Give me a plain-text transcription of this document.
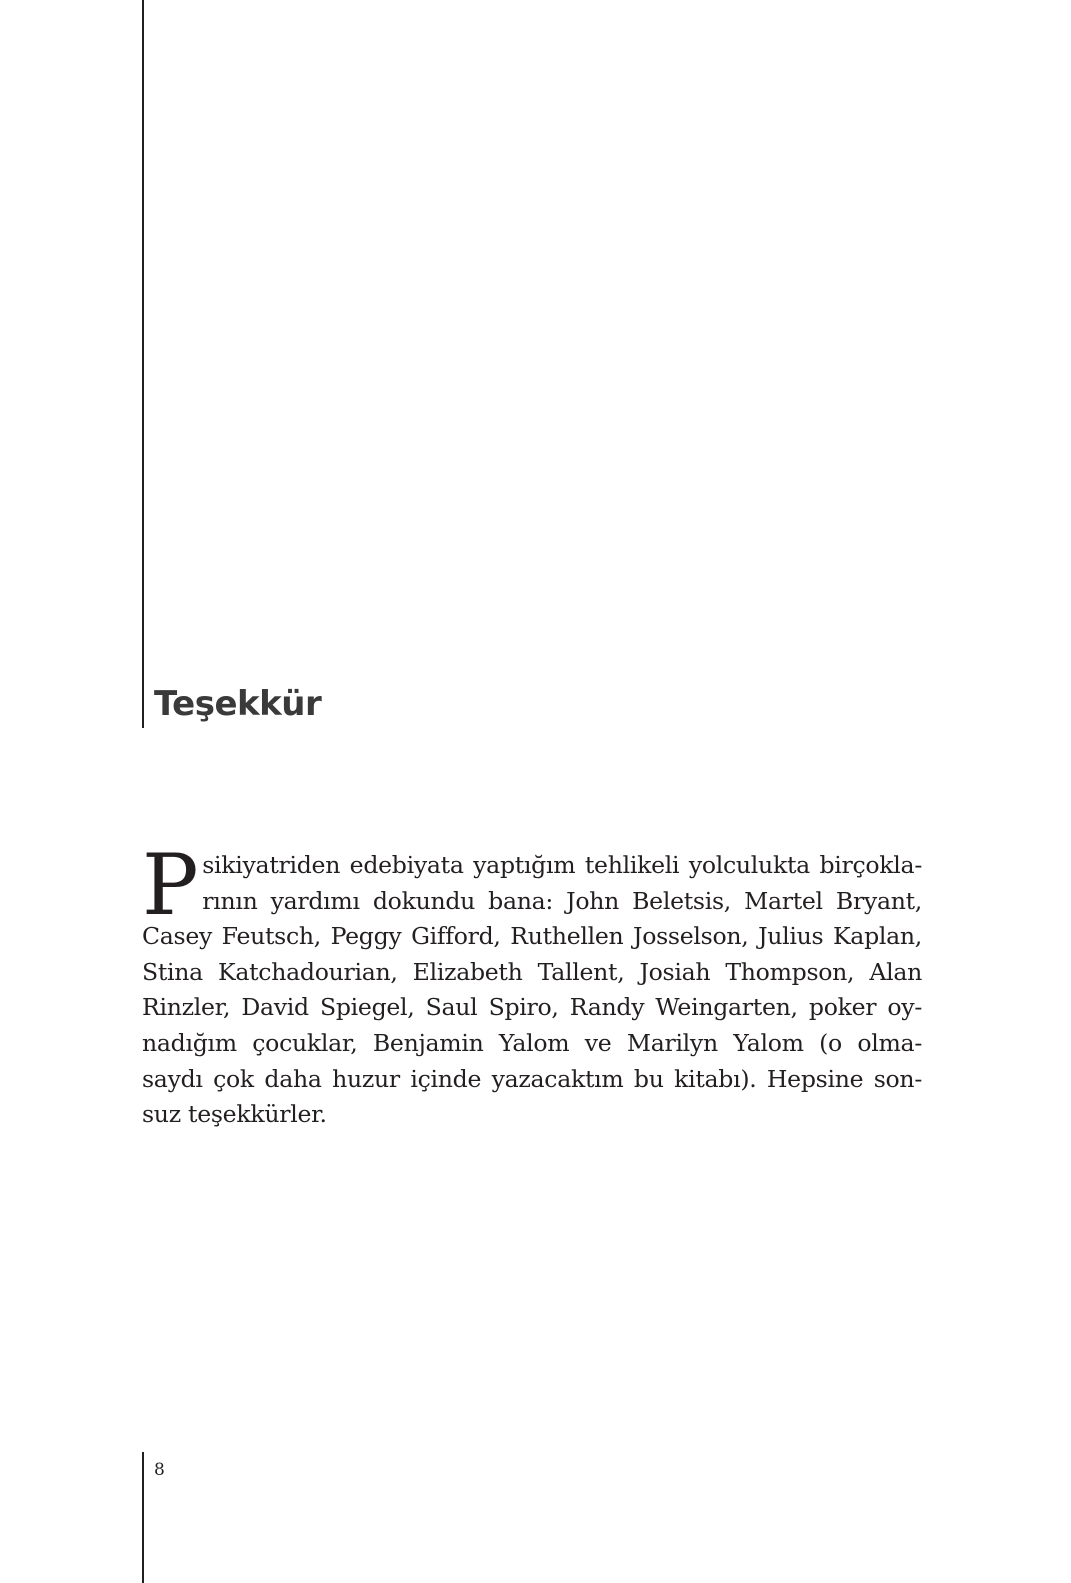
Teşekkür
P sikiyatriden edebiyata yaptığım tehlikeli yolculukta birçokla-
rının yardımı dokundu bana: John Beletsis, Martel Bryant,
Casey Feutsch, Peggy Gifford, Ruthellen Josselson, Julius Kaplan,
Stina Katchadourian, Elizabeth Tallent, Josiah Thompson, Alan
Rinzler, David Spiegel, Saul Spiro, Randy Weingarten, poker oy-
nadığım çocuklar, Benjamin Yalom ve Marilyn Yalom (o olma-
saydı çok daha huzur içinde yazacaktım bu kitabı). Hepsine son-
suz teşekkürler.

8
